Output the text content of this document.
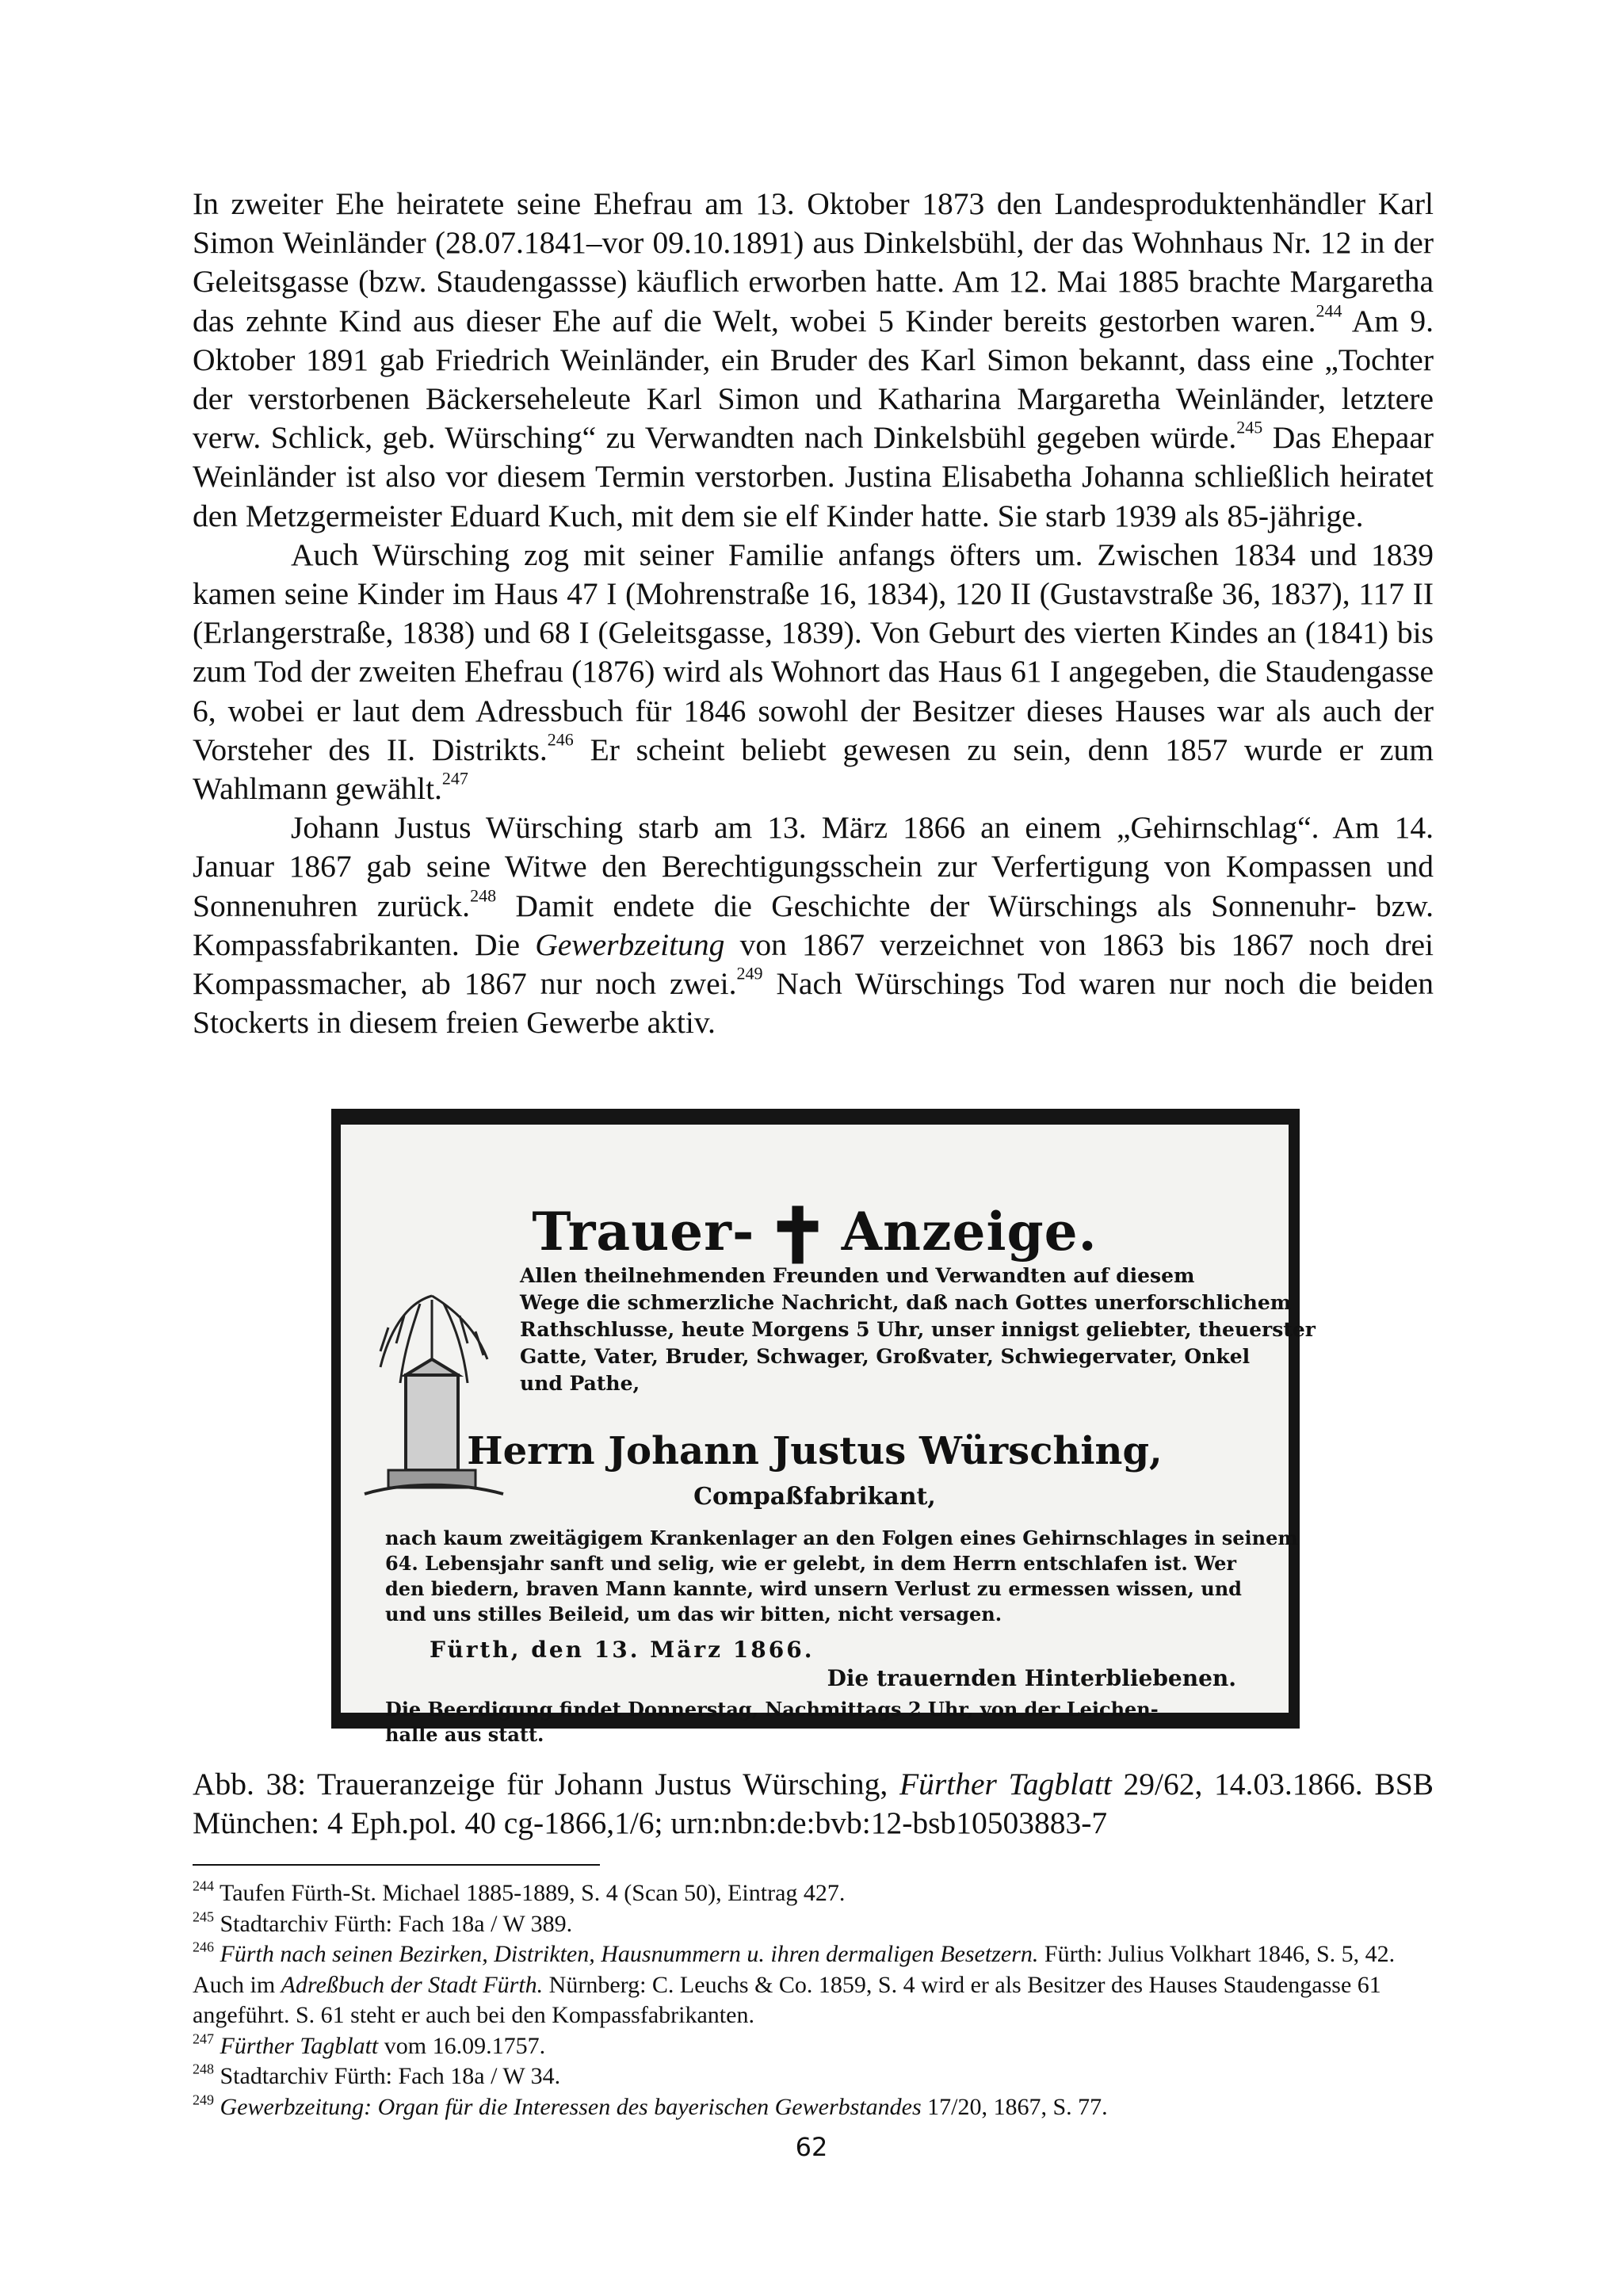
In zweiter Ehe heiratete seine Ehefrau am 13. Oktober 1873 den Landesproduktenhändler Karl Simon Weinländer (28.07.1841–vor 09.10.1891) aus Dinkelsbühl, der das Wohnhaus Nr. 12 in der Geleitsgasse (bzw. Staudengassse) käuflich erworben hatte. Am 12. Mai 1885 brachte Margaretha das zehnte Kind aus dieser Ehe auf die Welt, wobei 5 Kinder bereits gestorben waren.$^{244}$ Am 9. Oktober 1891 gab Friedrich Weinländer, ein Bruder des Karl Simon bekannt, dass eine „Tochter der verstorbenen Bäckerseheleute Karl Simon und Katharina Margaretha Weinländer, letztere verw. Schlick, geb. Würsching“ zu Verwandten nach Dinkelsbühl gegeben würde.$^{245}$ Das Ehepaar Weinländer ist also vor diesem Termin verstorben. Justina Elisabetha Johanna schließlich heiratet den Metzgermeister Eduard Kuch, mit dem sie elf Kinder hatte. Sie starb 1939 als 85-jährige.

Auch Würsching zog mit seiner Familie anfangs öfters um. Zwischen 1834 und 1839 kamen seine Kinder im Haus 47 I (Mohrenstraße 16, 1834), 120 II (Gustavstraße 36, 1837), 117 II (Erlangerstraße, 1838) und 68 I (Geleitsgasse, 1839). Von Geburt des vierten Kindes an (1841) bis zum Tod der zweiten Ehefrau (1876) wird als Wohnort das Haus 61 I angegeben, die Staudengasse 6, wobei er laut dem Adressbuch für 1846 sowohl der Besitzer dieses Hauses war als auch der Vorsteher des II. Distrikts.$^{246}$ Er scheint beliebt gewesen zu sein, denn 1857 wurde er zum Wahlmann gewählt.$^{247}$

Johann Justus Würsching starb am 13. März 1866 an einem „Gehirnschlag“. Am 14. Januar 1867 gab seine Witwe den Berechtigungsschein zur Verfertigung von Kompassen und Sonnenuhren zurück.$^{248}$ Damit endete die Geschichte der Würschings als Sonnenuhr- bzw. Kompassfabrikanten. Die Gewerbzeitung von 1867 verzeichnet von 1863 bis 1867 noch drei Kompassmacher, ab 1867 nur noch zwei.$^{249}$ Nach Würschings Tod waren nur noch die beiden Stockerts in diesem freien Gewerbe aktiv.

Trauer- ✝ Anzeige.
Allen theilnehmenden Freunden und Verwandten auf diesem
Wege die schmerzliche Nachricht, daß nach Gottes unerforschlichem
Rathschlusse, heute Morgens 5 Uhr, unser innigst geliebter, theuerster
Gatte, Vater, Bruder, Schwager, Großvater, Schwiegervater, Onkel
und Pathe,
Herrn Johann Justus Würsching,
Compaßfabrikant,
nach kaum zweitägigem Krankenlager an den Folgen eines Gehirnschlages in seinem
64. Lebensjahr sanft und selig, wie er gelebt, in dem Herrn entschlafen ist. Wer
den biedern, braven Mann kannte, wird unsern Verlust zu ermessen wissen, und
und uns stilles Beileid, um das wir bitten, nicht versagen.
Fürth, den 13. März 1866.
Die trauernden Hinterbliebenen.
Die Beerdigung findet Donnerstag, Nachmittags 2 Uhr, von der Leichen-
halle aus statt.
Abb. 38: Traueranzeige für Johann Justus Würsching, Fürther Tagblatt 29/62, 14.03.1866. BSB München: 4 Eph.pol. 40 cg-1866,1/6; urn:nbn:de:bvb:12-bsb10503883-7

$^{244}$ Taufen Fürth-St. Michael 1885-1889, S. 4 (Scan 50), Eintrag 427.

$^{245}$ Stadtarchiv Fürth: Fach 18a / W 389.

$^{246}$ Fürth nach seinen Bezirken, Distrikten, Hausnummern u. ihren dermaligen Besetzern. Fürth: Julius Volkhart 1846, S. 5, 42. Auch im Adreßbuch der Stadt Fürth. Nürnberg: C. Leuchs & Co. 1859, S. 4 wird er als Besitzer des Hauses Staudengasse 61 angeführt. S. 61 steht er auch bei den Kompassfabrikanten.

$^{247}$ Fürther Tagblatt vom 16.09.1757.

$^{248}$ Stadtarchiv Fürth: Fach 18a / W 34.

$^{249}$ Gewerbzeitung: Organ für die Interessen des bayerischen Gewerbstandes 17/20, 1867, S. 77.

62
